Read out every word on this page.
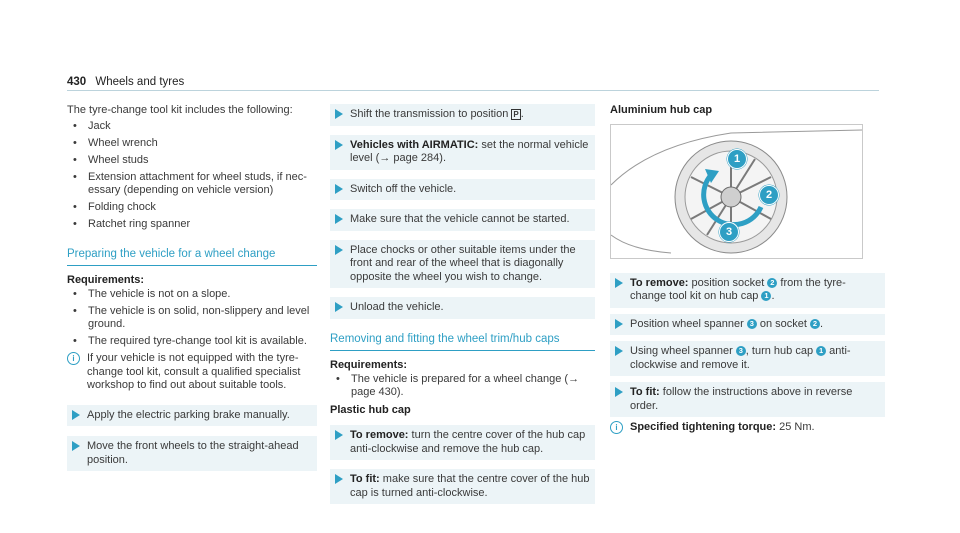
430 Wheels and tyres

The tyre-change tool kit includes the following:

• Jack
• Wheel wrench
• Wheel studs
• Extension attachment for wheel studs, if necessary (depending on vehicle version)
• Folding chock
• Ratchet ring spanner
Preparing the vehicle for a wheel change

Requirements:

• The vehicle is not on a slope.
• The vehicle is on solid, non-slippery and level ground.
• The required tyre-change tool kit is available.
i	If your vehicle is not equipped with the tyre-change tool kit, consult a qualified specialist workshop to find out about suitable tools.
Apply the electric parking brake manually.
Move the front wheels to the straight-ahead position.
Shift the transmission to position P .
Vehicles with AIRMATIC: set the normal vehicle level (→ page 284).
Switch off the vehicle.
Make sure that the vehicle cannot be started.
Place chocks or other suitable items under the front and rear of the wheel that is diagonally opposite the wheel you wish to change.
Unload the vehicle.
Removing and fitting the wheel trim/hub caps

Requirements:

• The vehicle is prepared for a wheel change (→ page 430).

Plastic hub cap

To remove: turn the centre cover of the hub cap anti-clockwise and remove the hub cap.
To fit: make sure that the centre cover of the hub cap is turned anti-clockwise.

Aluminium hub cap

1
2
3
To remove: position socket 2 from the tyre-change tool kit on hub cap 1 .
Position wheel spanner 3 on socket 2 .
Using wheel spanner 3 , turn hub cap 1 anti-clockwise and remove it.
To fit: follow the instructions above in reverse order.
i	Specified tightening torque: 25 Nm.
